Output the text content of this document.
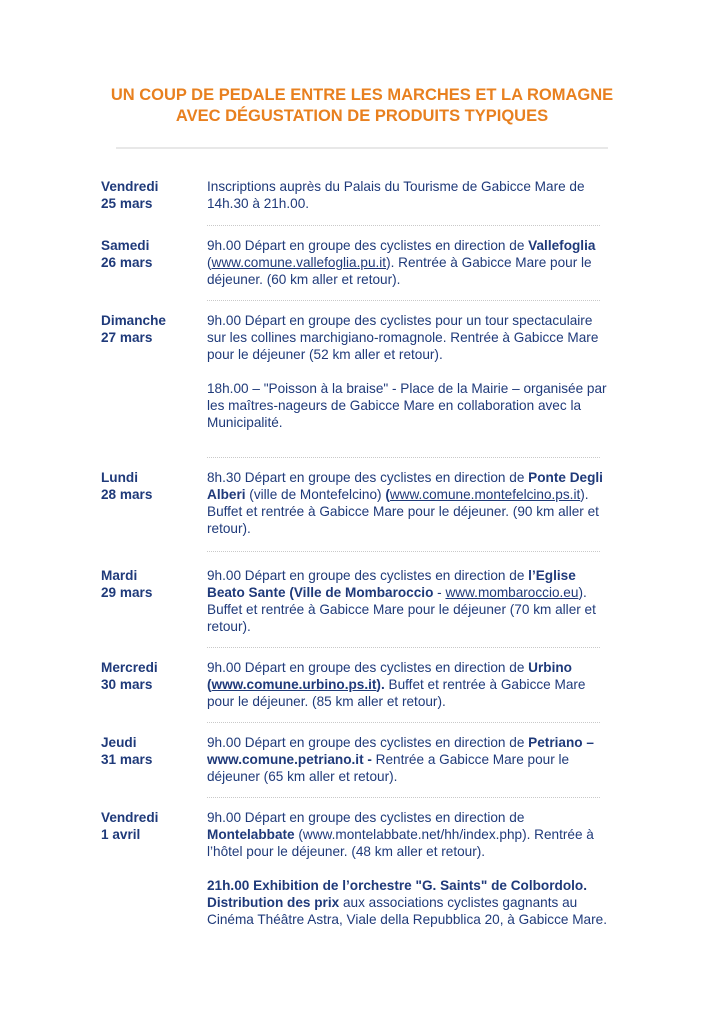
UN COUP DE PEDALE ENTRE LES MARCHES ET LA ROMAGNE
AVEC DÉGUSTATION DE PRODUITS TYPIQUES
Vendredi
25 mars

Inscriptions auprès du Palais du Tourisme de Gabicce Mare de 14h.30 à 21h.00.

Samedi
26 mars

9h.00 Départ en groupe des cyclistes en direction de Vallefoglia (www.comune.vallefoglia.pu.it). Rentrée à Gabicce Mare pour le déjeuner. (60 km aller et retour).

Dimanche
27 mars

9h.00 Départ en groupe des cyclistes pour un tour spectaculaire sur les collines marchigiano-romagnole. Rentrée à Gabicce Mare pour le déjeuner (52 km aller et retour).

18h.00 – "Poisson à la braise" - Place de la Mairie – organisée par les maîtres-nageurs de Gabicce Mare en collaboration avec la Municipalité.

Lundi
28 mars

8h.30 Départ en groupe des cyclistes en direction de Ponte Degli Alberi (ville de Montefelcino) (www.comune.montefelcino.ps.it). Buffet et rentrée à Gabicce Mare pour le déjeuner. (90 km aller et retour).

Mardi
29 mars

9h.00 Départ en groupe des cyclistes en direction de l’Eglise Beato Sante (Ville de Mombaroccio - www.mombaroccio.eu). Buffet et rentrée à Gabicce Mare pour le déjeuner (70 km aller et retour).

Mercredi
30 mars

9h.00 Départ en groupe des cyclistes en direction de Urbino (www.comune.urbino.ps.it). Buffet et rentrée à Gabicce Mare pour le déjeuner. (85 km aller et retour).

Jeudi
31 mars

9h.00 Départ en groupe des cyclistes en direction de Petriano – www.comune.petriano.it - Rentrée a Gabicce Mare pour le déjeuner (65 km aller et retour).

Vendredi
1 avril

9h.00 Départ en groupe des cyclistes en direction de Montelabbate (www.montelabbate.net/hh/index.php). Rentrée à l’hôtel pour le déjeuner. (48 km aller et retour).

21h.00 Exhibition de l’orchestre "G. Saints" de Colbordolo. Distribution des prix aux associations cyclistes gagnants au Cinéma Théâtre Astra, Viale della Repubblica 20, à Gabicce Mare.
